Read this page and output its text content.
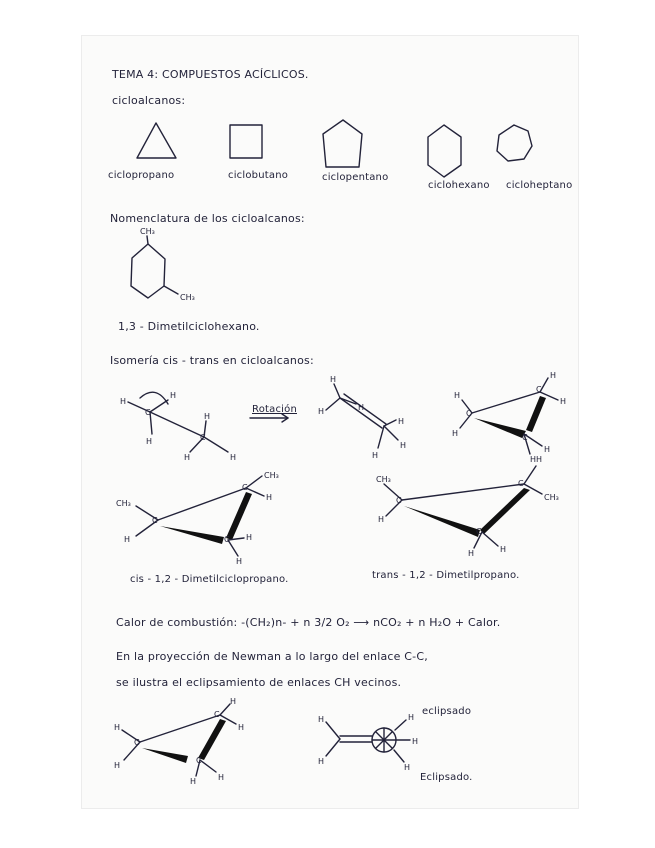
TEMA 4: COMPUESTOS ACÍCLICOS.
cicloalcanos:
ciclopropano	ciclobutano	ciclopentano
ciclohexano cicloheptano
Nomenclatura de los cicloalcanos:
1,3 - Dimetilciclohexano.
Isomería cis - trans en cicloalcanos:
Rotación
cis - 1,2 - Dimetilciclopropano.	trans - 1,2 - Dimetilpropano.
Calor de combustión: -(CH₂)n- + n 3/2 O₂ ⟶ nCO₂ + n H₂O + Calor.
En la proyección de Newman a lo largo del enlace C-C,
se ilustra el eclipsamiento de enlaces CH vecinos.
eclipsado
Eclipsado.
CH₃
CH₃
C
C
H
H
H
H
H	H
H
H
H
H
H
H
C
C
C
H
H
H
H
H
H
C
C
C
CH₃
CH₃
H
H
H
H
C
C
C
CH₃
CH₃
H
H
H	H
C
C
C
H
H
H
H
H	H
H
H
H
H
H
